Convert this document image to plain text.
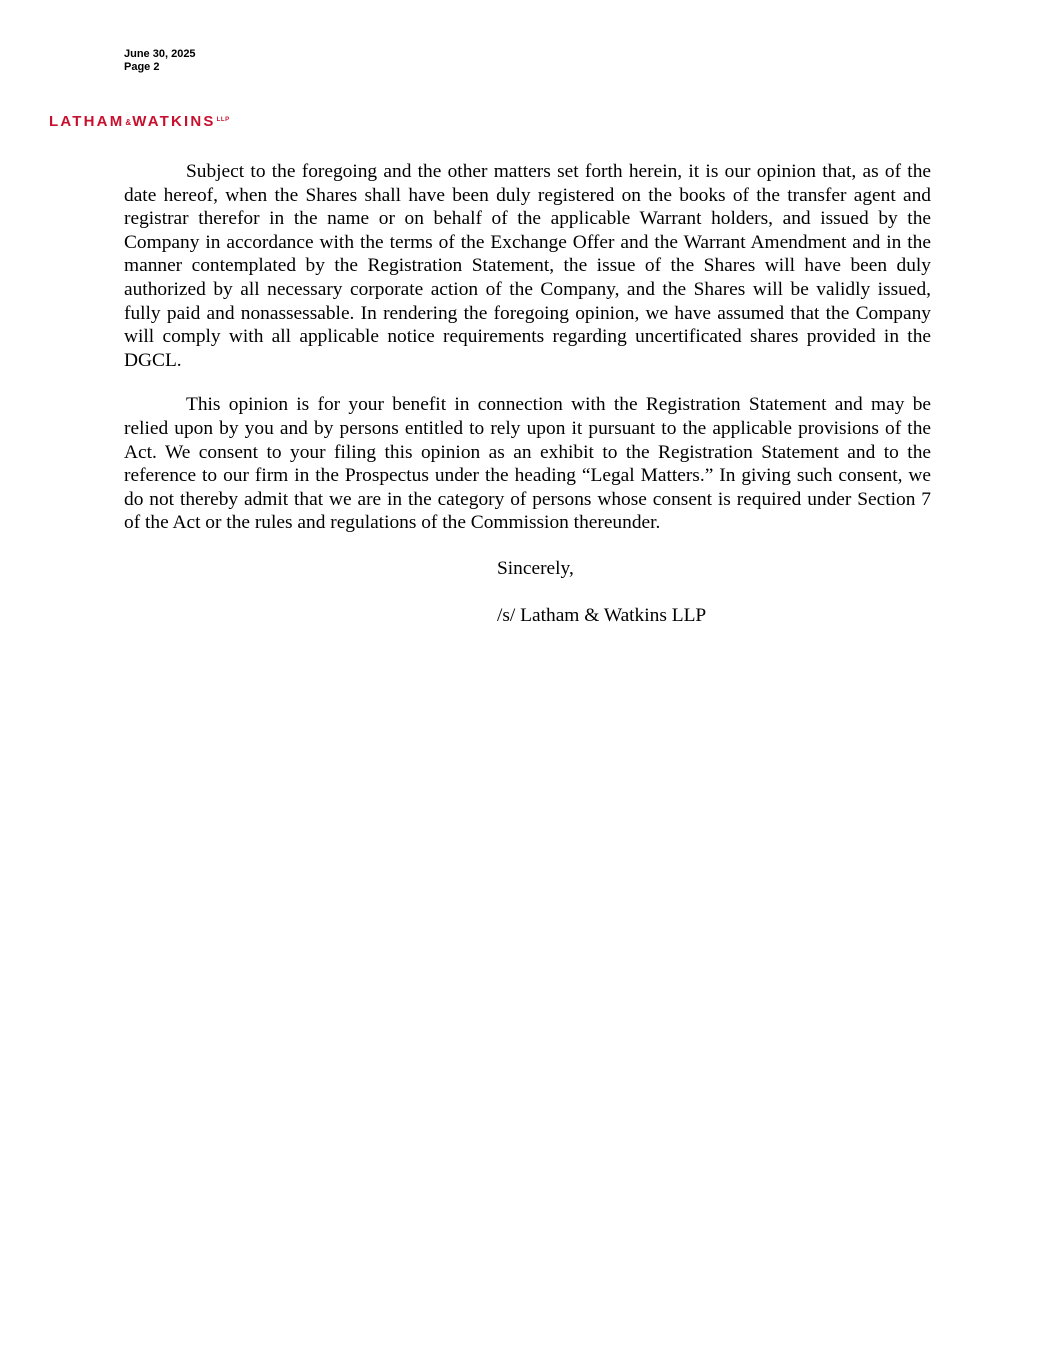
June 30, 2025
Page 2
$LATHAM\&WATKINS^{LLP}$

Subject to the foregoing and the other matters set forth herein, it is our opinion that, as of the date hereof, when the Shares shall have been duly registered on the books of the transfer agent and registrar therefor in the name or on behalf of the applicable Warrant holders, and issued by the Company in accordance with the terms of the Exchange Offer and the Warrant Amendment and in the manner contemplated by the Registration Statement, the issue of the Shares will have been duly authorized by all necessary corporate action of the Company, and the Shares will be validly issued, fully paid and nonassessable. In rendering the foregoing opinion, we have assumed that the Company will comply with all applicable notice requirements regarding uncertificated shares provided in the DGCL.

This opinion is for your benefit in connection with the Registration Statement and may be relied upon by you and by persons entitled to rely upon it pursuant to the applicable provisions of the Act. We consent to your filing this opinion as an exhibit to the Registration Statement and to the reference to our firm in the Prospectus under the heading “Legal Matters.” In giving such consent, we do not thereby admit that we are in the category of persons whose consent is required under Section 7 of the Act or the rules and regulations of the Commission thereunder.

Sincerely,
/s/ Latham & Watkins LLP
